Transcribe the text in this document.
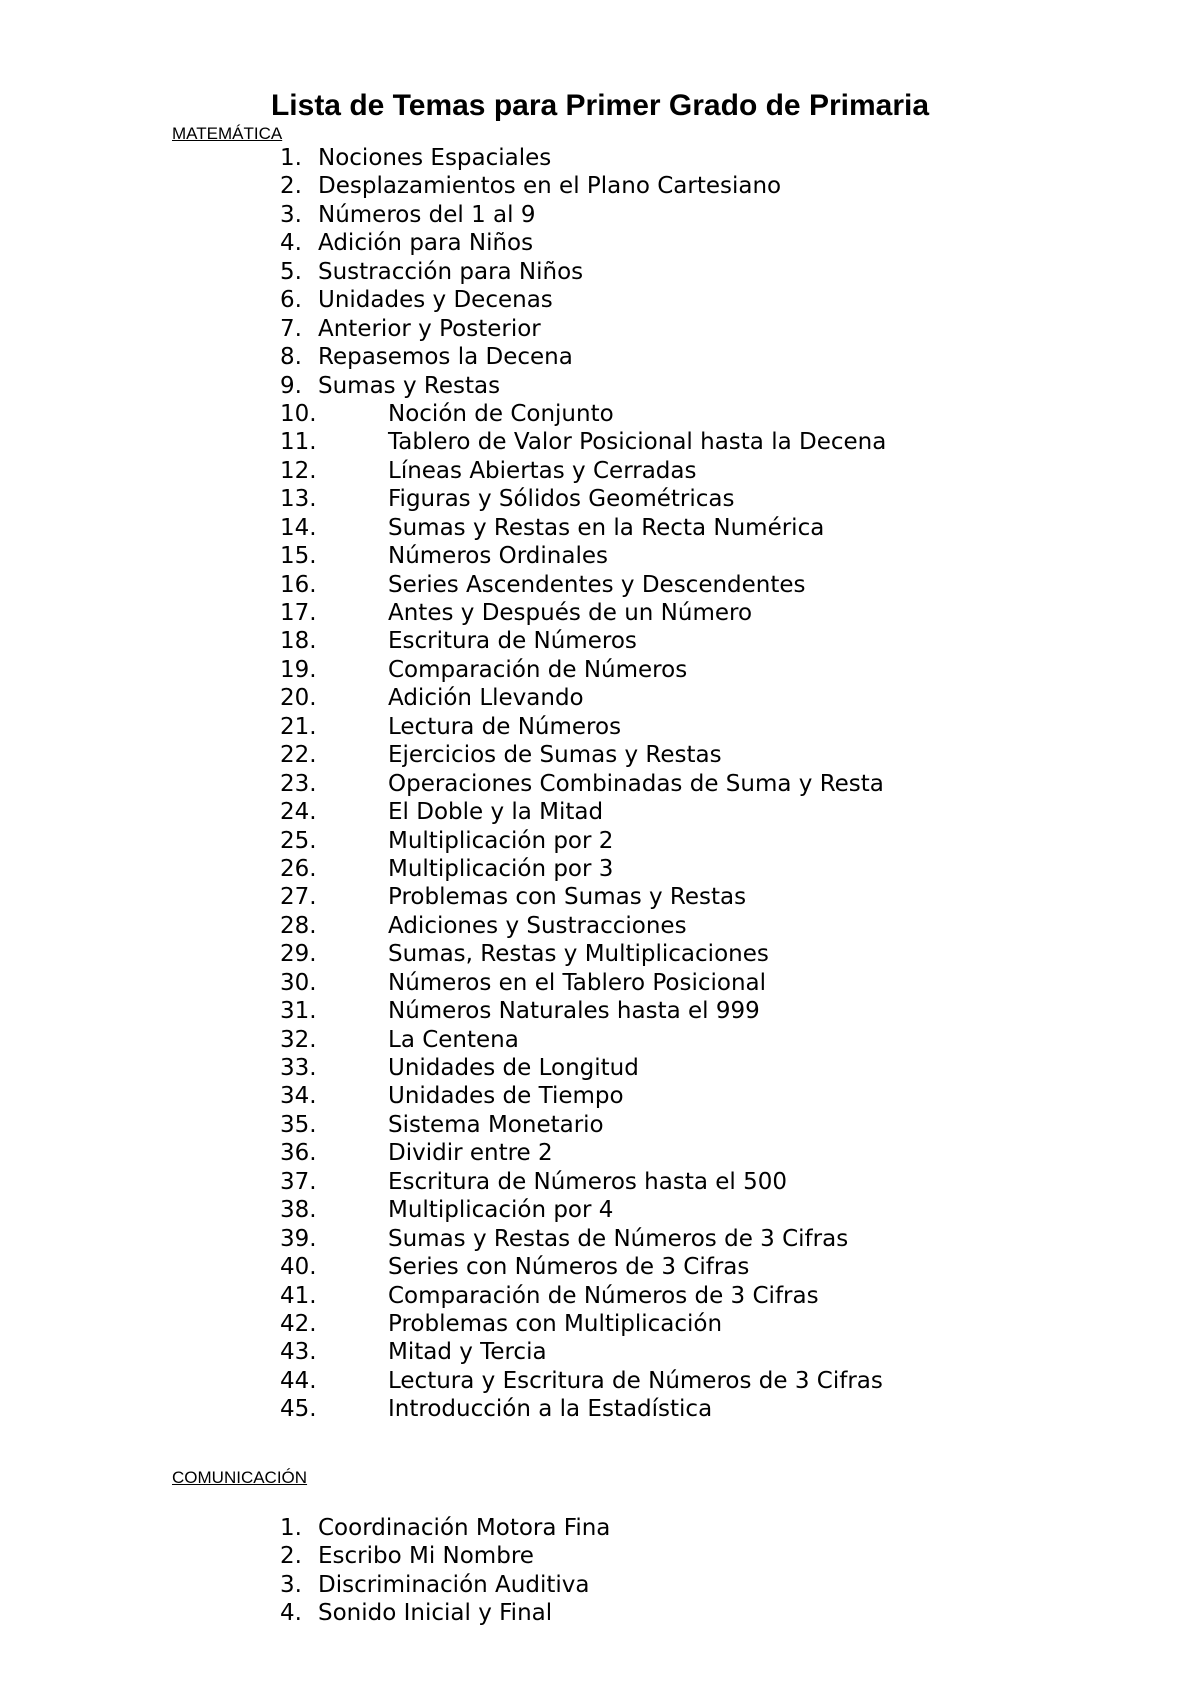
Lista de Temas para Primer Grado de Primaria
MATEMÁTICA
1. Nociones Espaciales
2. Desplazamientos en el Plano Cartesiano
3. Números del 1 al 9
4. Adición para Niños
5. Sustracción para Niños
6. Unidades y Decenas
7. Anterior y Posterior
8. Repasemos la Decena
9. Sumas y Restas
10.	Noción de Conjunto
11.	Tablero de Valor Posicional hasta la Decena
12.	Líneas Abiertas y Cerradas
13.	Figuras y Sólidos Geométricas
14.	Sumas y Restas en la Recta Numérica
15.	Números Ordinales
16.	Series Ascendentes y Descendentes
17.	Antes y Después de un Número
18.	Escritura de Números
19.	Comparación de Números
20.	Adición Llevando
21.	Lectura de Números
22.	Ejercicios de Sumas y Restas
23.	Operaciones Combinadas de Suma y Resta
24.	El Doble y la Mitad
25.	Multiplicación por 2
26.	Multiplicación por 3
27.	Problemas con Sumas y Restas
28.	Adiciones y Sustracciones
29.	Sumas, Restas y Multiplicaciones
30.	Números en el Tablero Posicional
31.	Números Naturales hasta el 999
32.	La Centena
33.	Unidades de Longitud
34.	Unidades de Tiempo
35.	Sistema Monetario
36.	Dividir entre 2
37.	Escritura de Números hasta el 500
38.	Multiplicación por 4
39.	Sumas y Restas de Números de 3 Cifras
40.	Series con Números de 3 Cifras
41.	Comparación de Números de 3 Cifras
42.	Problemas con Multiplicación
43.	Mitad y Tercia
44.	Lectura y Escritura de Números de 3 Cifras
45.	Introducción a la Estadística
COMUNICACIÓN
1. Coordinación Motora Fina
2. Escribo Mi Nombre
3. Discriminación Auditiva
4. Sonido Inicial y Final
